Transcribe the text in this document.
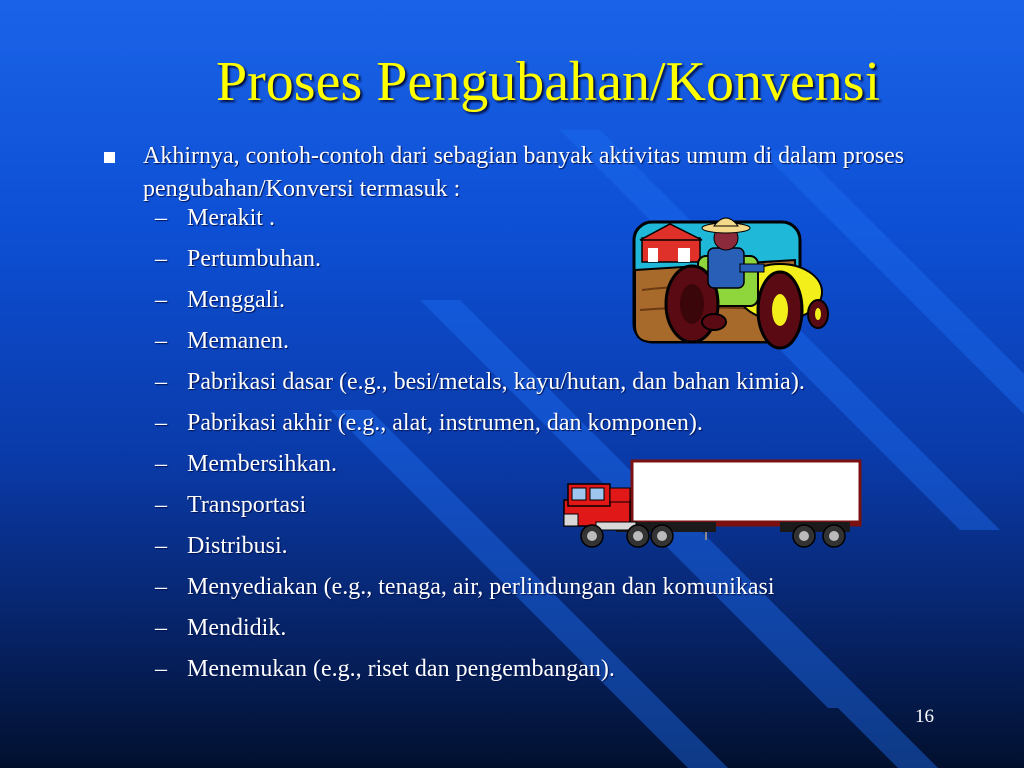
Proses Pengubahan/Konvensi
Akhirnya, contoh-contoh dari sebagian banyak aktivitas umum di dalam proses pengubahan/Konversi termasuk :
– Merakit .
– Pertumbuhan.
– Menggali.
– Memanen.
– Pabrikasi dasar (e.g., besi/metals, kayu/hutan, dan bahan kimia).
– Pabrikasi akhir (e.g., alat, instrumen, dan komponen).
– Membersihkan.
– Transportasi
– Distribusi.
– Menyediakan (e.g., tenaga, air, perlindungan dan komunikasi
– Mendidik.
– Menemukan (e.g., riset dan pengembangan).
16
